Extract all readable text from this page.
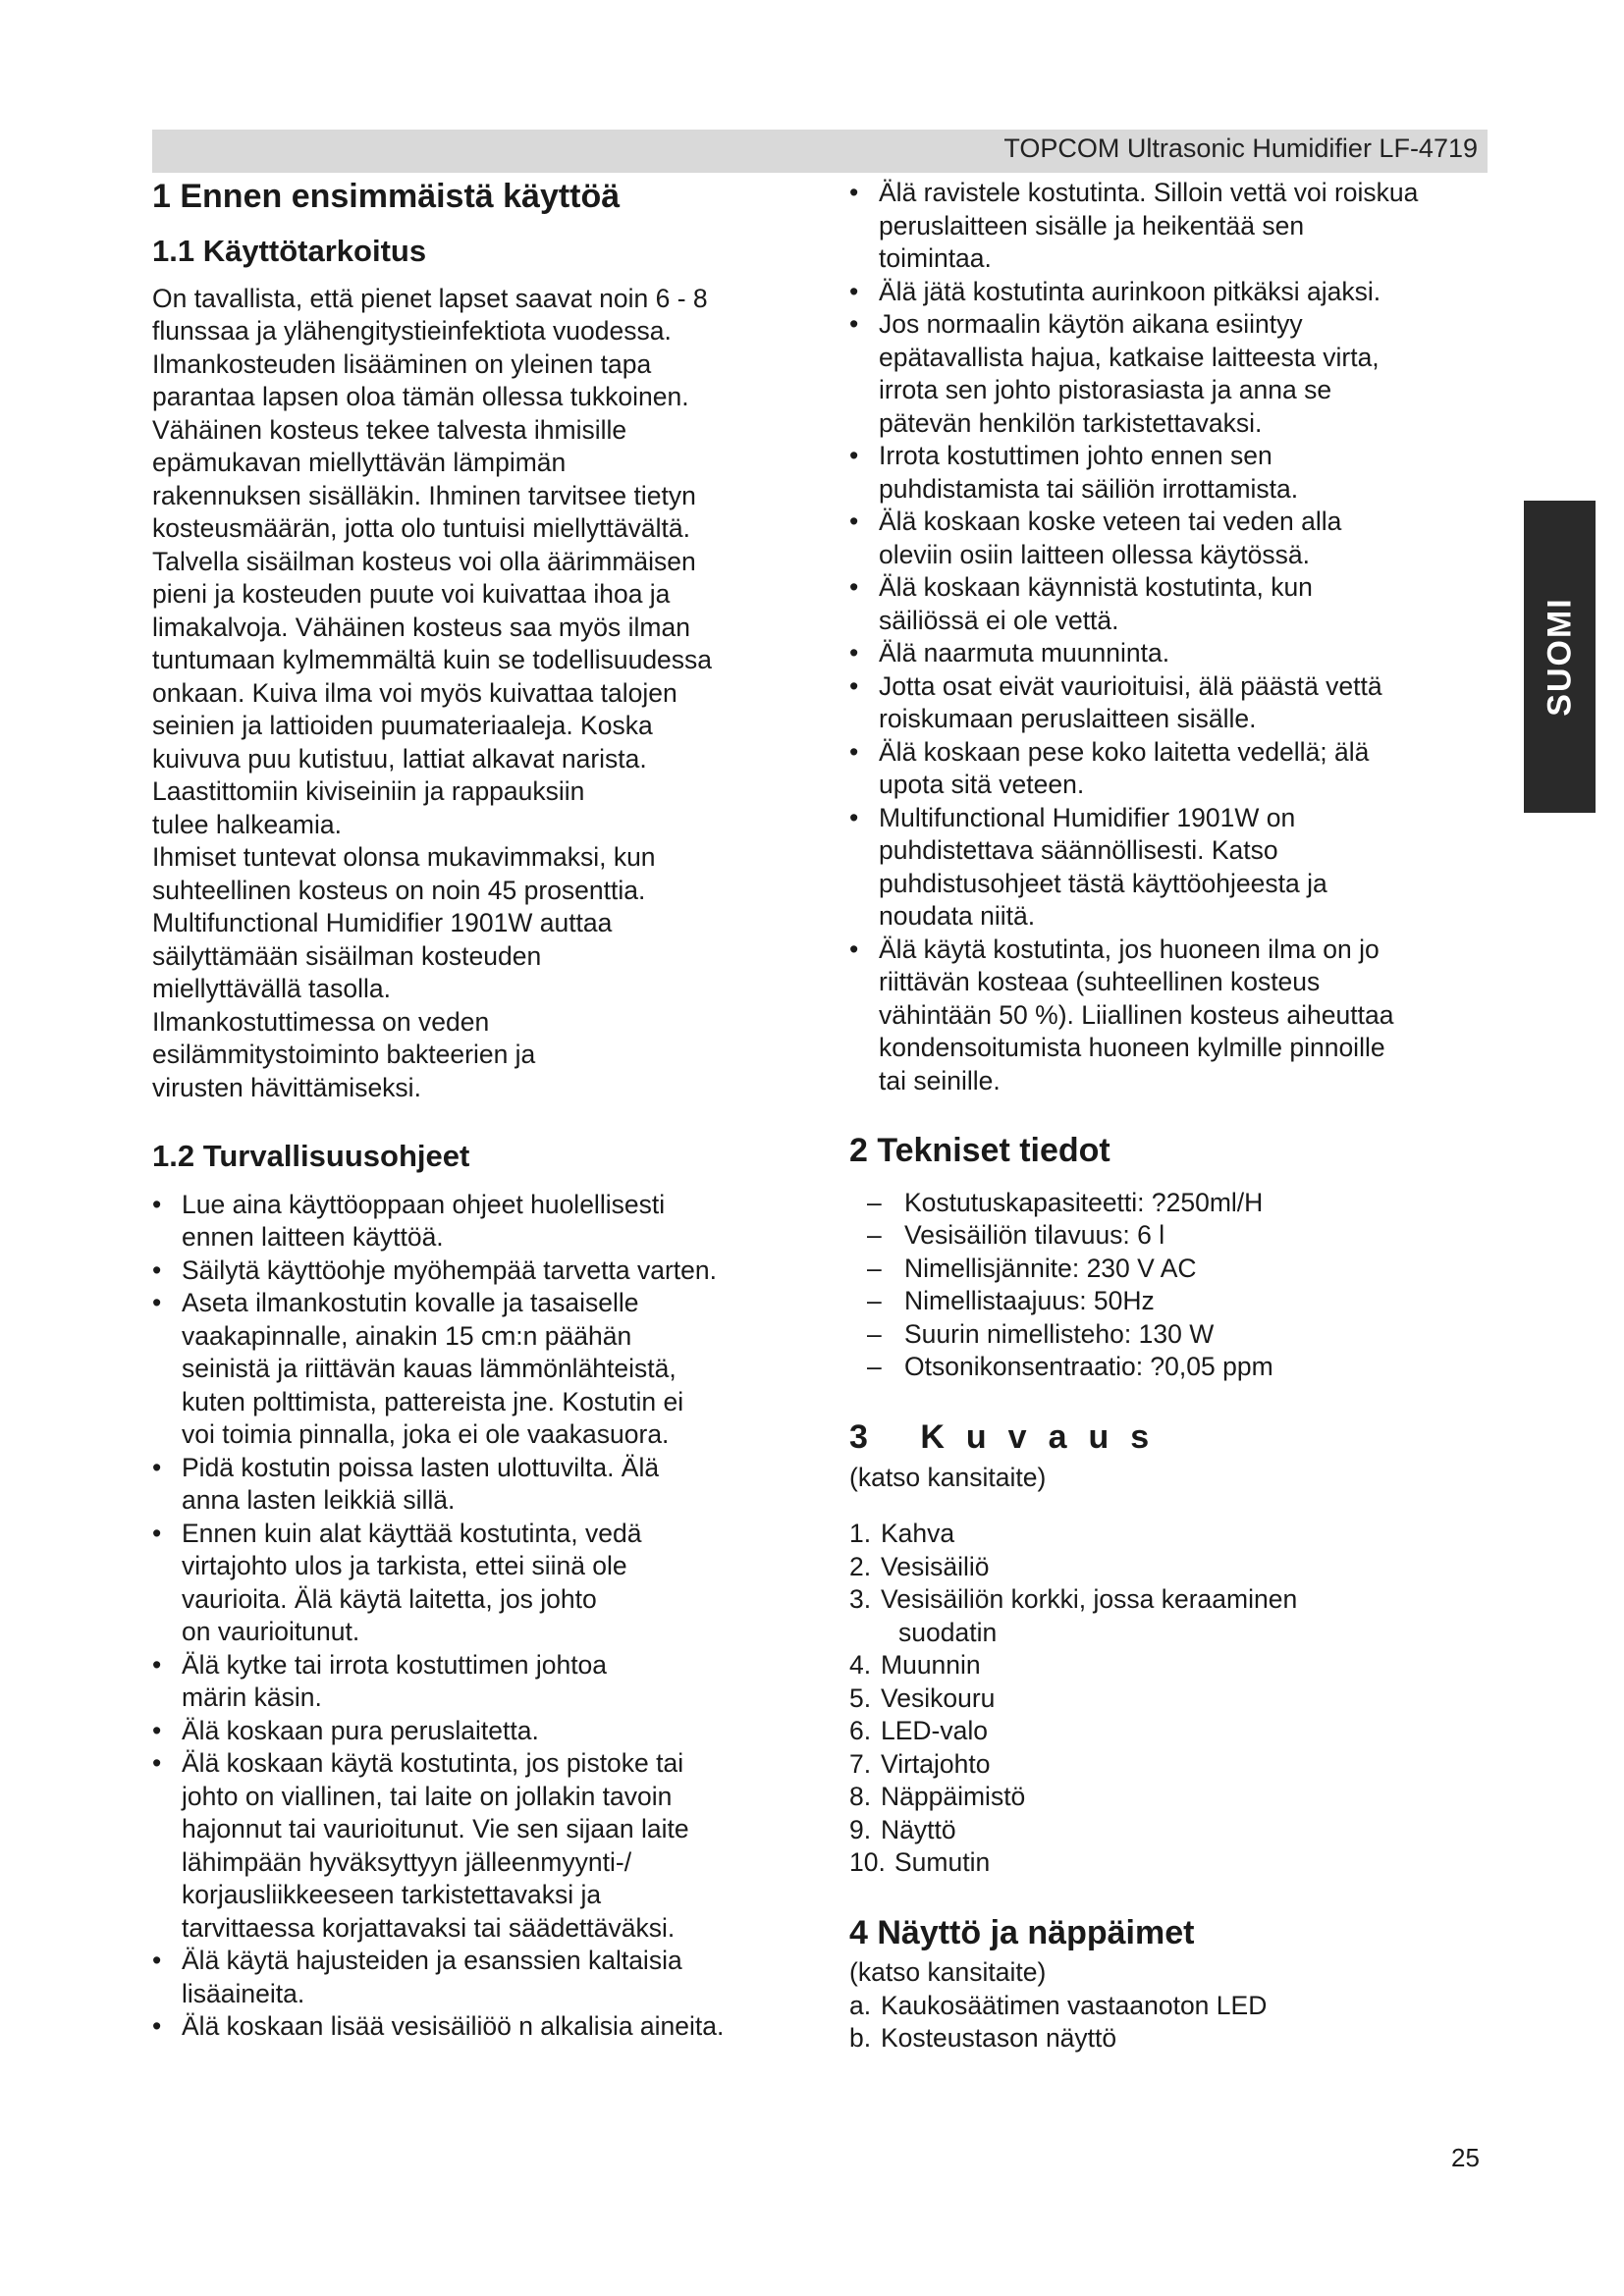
TOPCOM Ultrasonic Humidifier LF-4719
SUOMI
1 Ennen ensimmäistä käyttöä
1.1 Käyttötarkoitus

On tavallista, että pienet lapset saavat noin 6 - 8
flunssaa ja ylähengitystieinfektiota vuodessa.
Ilmankosteuden lisääminen on yleinen tapa
parantaa lapsen oloa tämän ollessa tukkoinen.
Vähäinen kosteus tekee talvesta ihmisille
epämukavan miellyttävän lämpimän
rakennuksen sisälläkin. Ihminen tarvitsee tietyn
kosteusmäärän, jotta olo tuntuisi miellyttävältä.
Talvella sisäilman kosteus voi olla äärimmäisen
pieni ja kosteuden puute voi kuivattaa ihoa ja
limakalvoja. Vähäinen kosteus saa myös ilman
tuntumaan kylmemmältä kuin se todellisuudessa
onkaan. Kuiva ilma voi myös kuivattaa talojen
seinien ja lattioiden puumateriaaleja. Koska
kuivuva puu kutistuu, lattiat alkavat narista.
Laastittomiin kiviseiniin ja rappauksiin
tulee halkeamia.
Ihmiset tuntevat olonsa mukavimmaksi, kun
suhteellinen kosteus on noin 45 prosenttia.
Multifunctional Humidifier 1901W auttaa
säilyttämään sisäilman kosteuden
miellyttävällä tasolla.
Ilmankostuttimessa on veden
esilämmitystoiminto bakteerien ja
virusten hävittämiseksi.

1.2 Turvallisuusohjeet
• Lue aina käyttöoppaan ohjeet huolellisesti
ennen laitteen käyttöä.
• Säilytä käyttöohje myöhempää tarvetta varten.
• Aseta ilmankostutin kovalle ja tasaiselle
vaakapinnalle, ainakin 15 cm:n päähän
seinistä ja riittävän kauas lämmönlähteistä,
kuten polttimista, pattereista jne. Kostutin ei
voi toimia pinnalla, joka ei ole vaakasuora.
• Pidä kostutin poissa lasten ulottuvilta. Älä
anna lasten leikkiä sillä.
• Ennen kuin alat käyttää kostutinta, vedä
virtajohto ulos ja tarkista, ettei siinä ole
vaurioita. Älä käytä laitetta, jos johto
on vaurioitunut.
• Älä kytke tai irrota kostuttimen johtoa
märin käsin.
• Älä koskaan pura peruslaitetta.
• Älä koskaan käytä kostutinta, jos pistoke tai
johto on viallinen, tai laite on jollakin tavoin
hajonnut tai vaurioitunut. Vie sen sijaan laite
lähimpään hyväksyttyyn jälleenmyynti-/
korjausliikkeeseen tarkistettavaksi ja
tarvittaessa korjattavaksi tai säädettäväksi.
• Älä käytä hajusteiden ja esanssien kaltaisia
lisäaineita.
• Älä koskaan lisää vesisäiliöö n alkalisia aineita.
• Älä ravistele kostutinta. Silloin vettä voi roiskua
peruslaitteen sisälle ja heikentää sen
toimintaa.
• Älä jätä kostutinta aurinkoon pitkäksi ajaksi.
• Jos normaalin käytön aikana esiintyy
epätavallista hajua, katkaise laitteesta virta,
irrota sen johto pistorasiasta ja anna se
pätevän henkilön tarkistettavaksi.
• Irrota kostuttimen johto ennen sen
puhdistamista tai säiliön irrottamista.
• Älä koskaan koske veteen tai veden alla
oleviin osiin laitteen ollessa käytössä.
• Älä koskaan käynnistä kostutinta, kun
säiliössä ei ole vettä.
• Älä naarmuta muunninta.
• Jotta osat eivät vaurioituisi, älä päästä vettä
roiskumaan peruslaitteen sisälle.
• Älä koskaan pese koko laitetta vedellä; älä
upota sitä veteen.
• Multifunctional Humidifier 1901W on
puhdistettava säännöllisesti. Katso
puhdistusohjeet tästä käyttöohjeesta ja
noudata niitä.
• Älä käytä kostutinta, jos huoneen ilma on jo
riittävän kosteaa (suhteellinen kosteus
vähintään 50 %). Liiallinen kosteus aiheuttaa
kondensoitumista huoneen kylmille pinnoille
tai seinille.
2 Tekniset tiedot
– Kostutuskapasiteetti: ?250ml/H
– Vesisäiliön tilavuus: 6 l
– Nimellisjännite: 230 V AC
– Nimellistaajuus: 50Hz
– Suurin nimellisteho: 130 W
– Otsonikonsentraatio: ?0,05 ppm
3 Kuvaus

(katso kansitaite)

1. Kahva
2. Vesisäiliö
3. Vesisäiliön korkki, jossa keraaminen
suodatin
4. Muunnin
5. Vesikouru
6. LED-valo
7. Virtajohto
8. Näppäimistö
9. Näyttö
10. Sumutin
4 Näyttö ja näppäimet

(katso kansitaite)

a. Kaukosäätimen vastaanoton LED
b. Kosteustason näyttö
25
